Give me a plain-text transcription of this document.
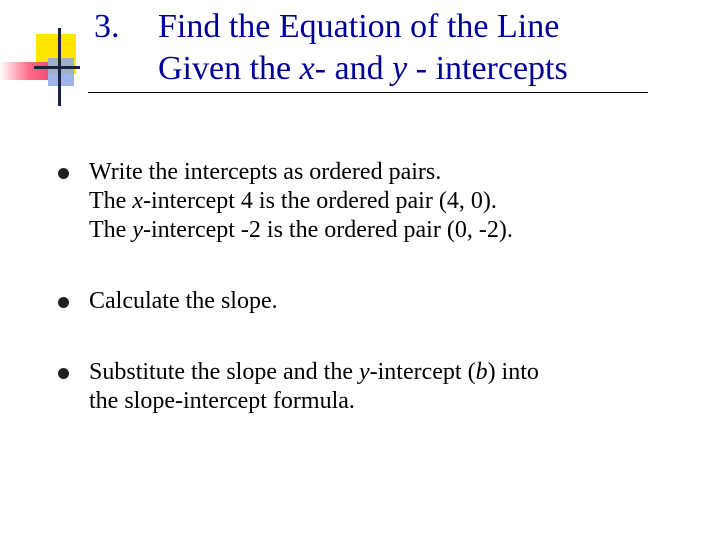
3. Find the Equation of the Line
Given the x- and y - intercepts

Write the intercepts as ordered pairs.

The x-intercept 4 is the ordered pair (4, 0).

The y-intercept -2 is the ordered pair (0, -2).

Calculate the slope.

Substitute the slope and the y-intercept (b) into

the slope-intercept formula.
